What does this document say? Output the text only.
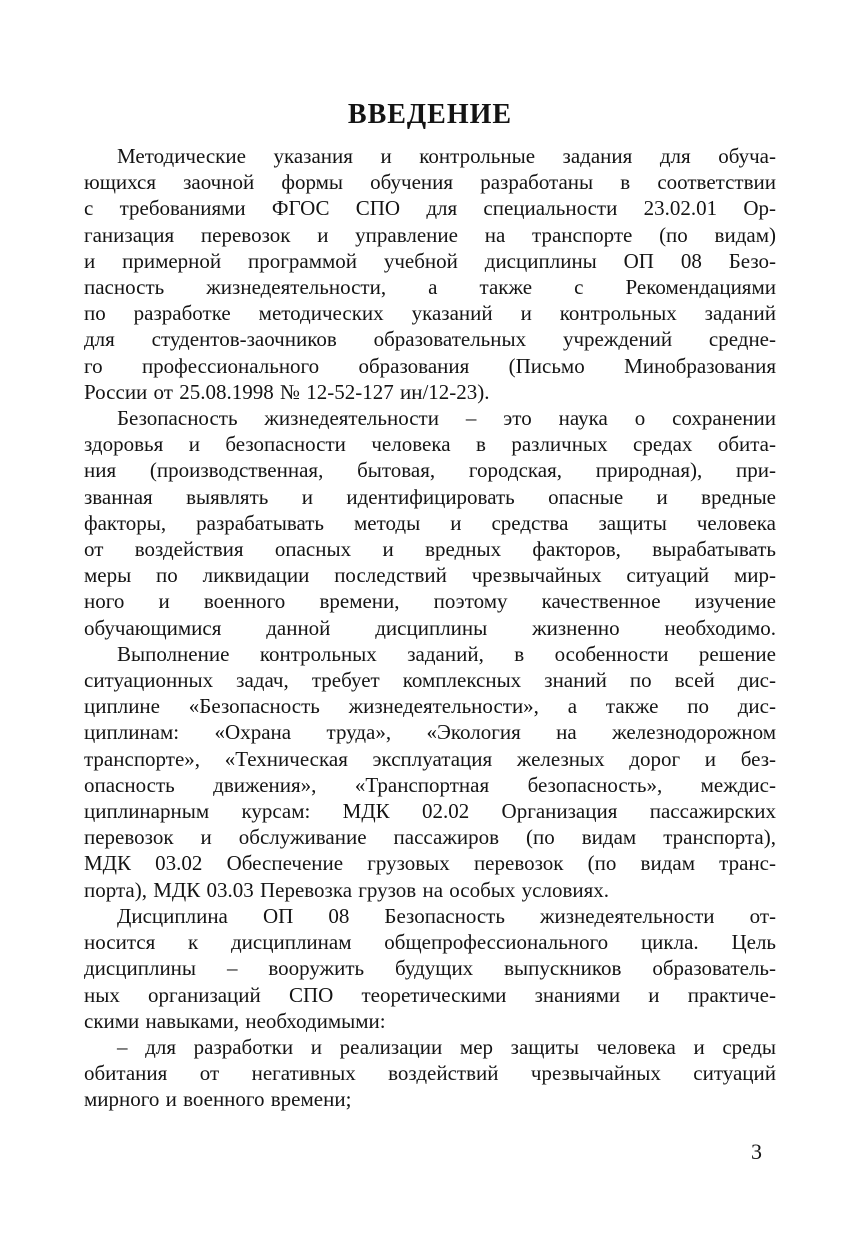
ВВЕДЕНИЕ
Методические указания и контрольные задания для обуча-
ющихся заочной формы обучения разработаны в соответствии
с требованиями ФГОС СПО для специальности 23.02.01 Ор-
ганизация перевозок и управление на транспорте (по видам)
и примерной программой учебной дисциплины ОП 08 Безо-
пасность жизнедеятельности, а также с Рекомендациями
по разработке методических указаний и контрольных заданий
для студентов-заочников образовательных учреждений средне-
го профессионального образования (Письмо Минобразования
России от 25.08.1998 № 12-52-127 ин/12-23).
Безопасность жизнедеятельности – это наука о сохранении
здоровья и безопасности человека в различных средах обита-
ния (производственная, бытовая, городская, природная), при-
званная выявлять и идентифицировать опасные и вредные
факторы, разрабатывать методы и средства защиты человека
от воздействия опасных и вредных факторов, вырабатывать
меры по ликвидации последствий чрезвычайных ситуаций мир-
ного и военного времени, поэтому качественное изучение
обучающимися данной дисциплины жизненно необходимо.
Выполнение контрольных заданий, в особенности решение
ситуационных задач, требует комплексных знаний по всей дис-
циплине «Безопасность жизнедеятельности», а также по дис-
циплинам: «Охрана труда», «Экология на железнодорожном
транспорте», «Техническая эксплуатация железных дорог и без-
опасность движения», «Транспортная безопасность», междис-
циплинарным курсам: МДК 02.02 Организация пассажирских
перевозок и обслуживание пассажиров (по видам транспорта),
МДК 03.02 Обеспечение грузовых перевозок (по видам транс-
порта), МДК 03.03 Перевозка грузов на особых условиях.
Дисциплина ОП 08 Безопасность жизнедеятельности от-
носится к дисциплинам общепрофессионального цикла. Цель
дисциплины – вооружить будущих выпускников образователь-
ных организаций СПО теоретическими знаниями и практиче-
скими навыками, необходимыми:
– для разработки и реализации мер защиты человека и среды
обитания от негативных воздействий чрезвычайных ситуаций
мирного и военного времени;
3
